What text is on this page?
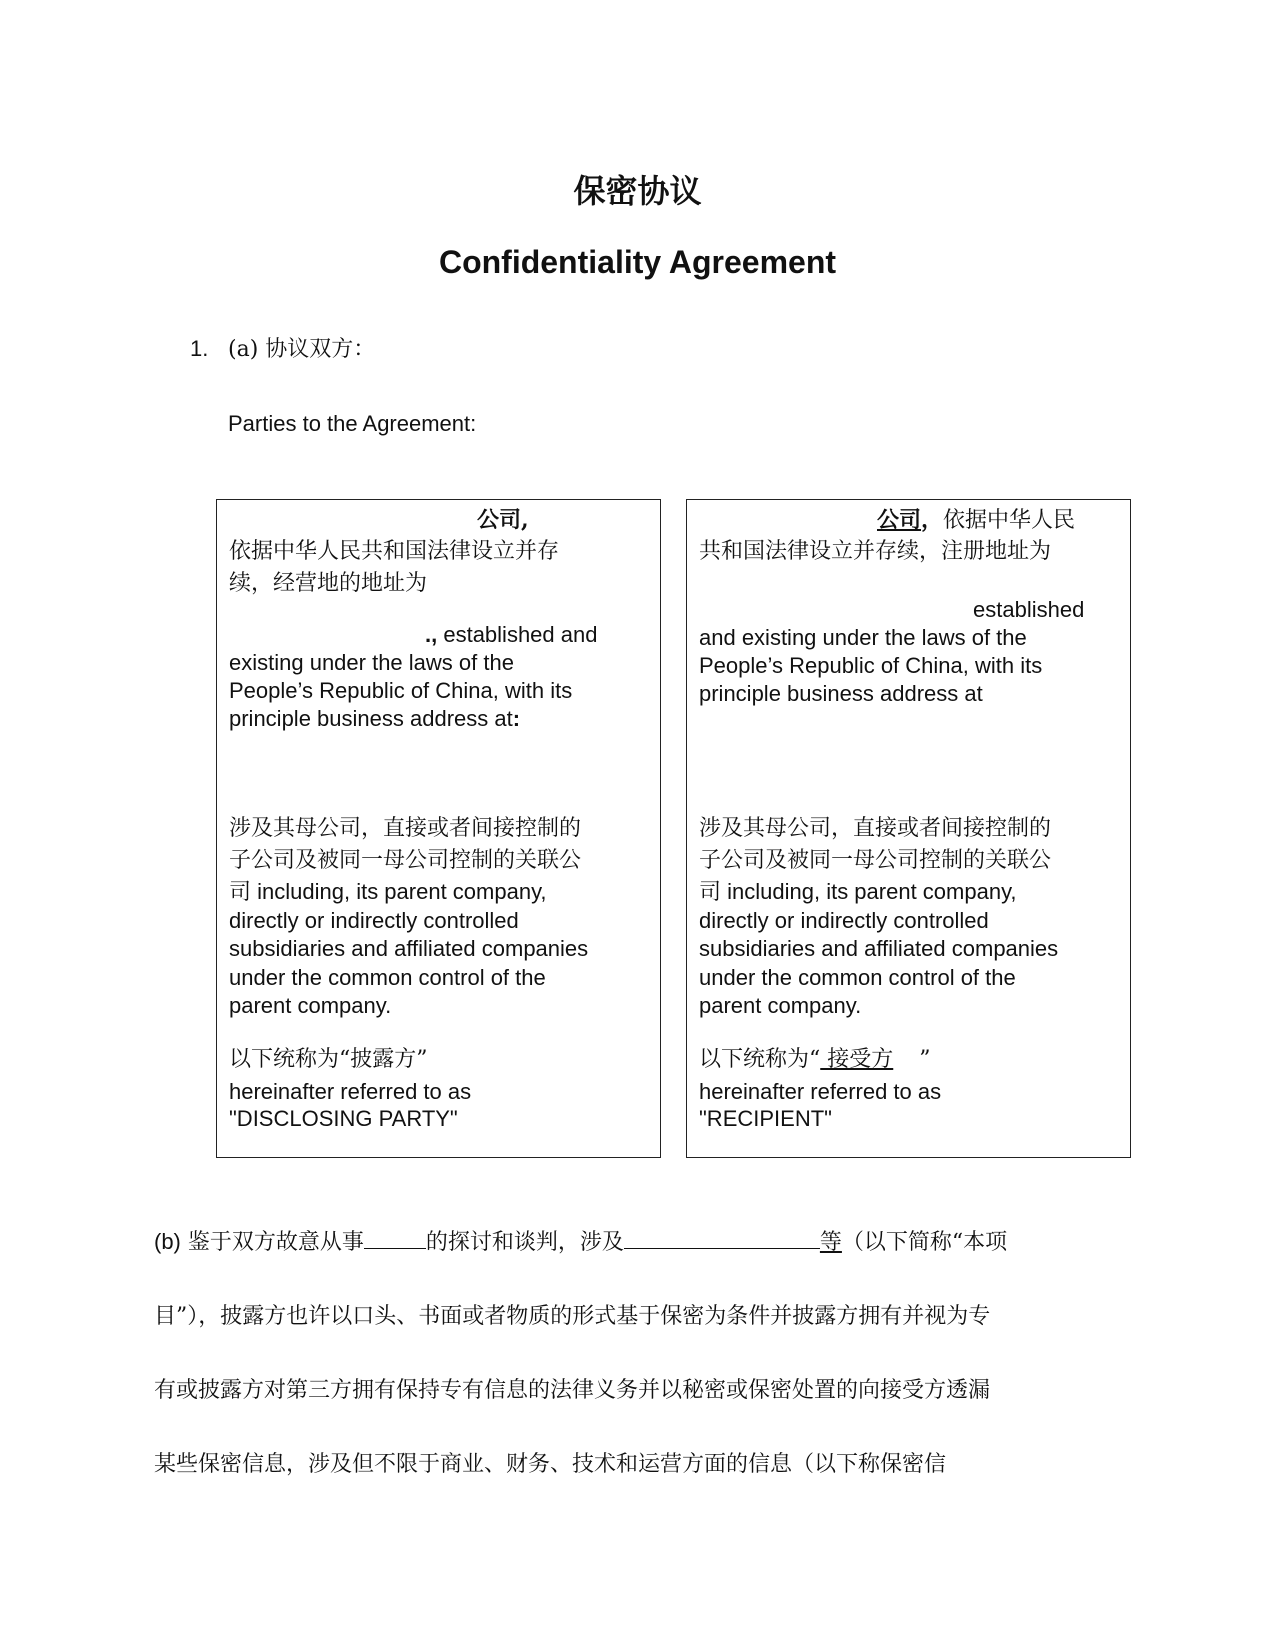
保密协议
Confidentiality Agreement
1. (a) 协议双方：
Parties to the Agreement:
公司,
依据中华人民共和国法律设立并存
续，经营地的地址为
., established and
existing under the laws of the
People’s Republic of China, with its
principle business address at:
涉及其母公司，直接或者间接控制的
子公司及被同一母公司控制的关联公
司 including, its parent company,
directly or indirectly controlled
subsidiaries and affiliated companies
under the common control of the
parent company.
以下统称为“披露方”
hereinafter referred to as
"DISCLOSING PARTY"
公司，依据中华人民
共和国法律设立并存续，注册地址为
established
and existing under the laws of the
People’s Republic of China, with its
principle business address at
涉及其母公司，直接或者间接控制的
子公司及被同一母公司控制的关联公
司 including, its parent company,
directly or indirectly controlled
subsidiaries and affiliated companies
under the common control of the
parent company.
以下统称为“ 接受方 ”
hereinafter referred to as
"RECIPIENT"
(b) 鉴于双方故意从事	的探讨和谈判，涉及	等（以下简称“本项
目”），披露方也许以口头、书面或者物质的形式基于保密为条件并披露方拥有并视为专
有或披露方对第三方拥有保持专有信息的法律义务并以秘密或保密处置的向接受方透漏
某些保密信息，涉及但不限于商业、财务、技术和运营方面的信息（以下称保密信
